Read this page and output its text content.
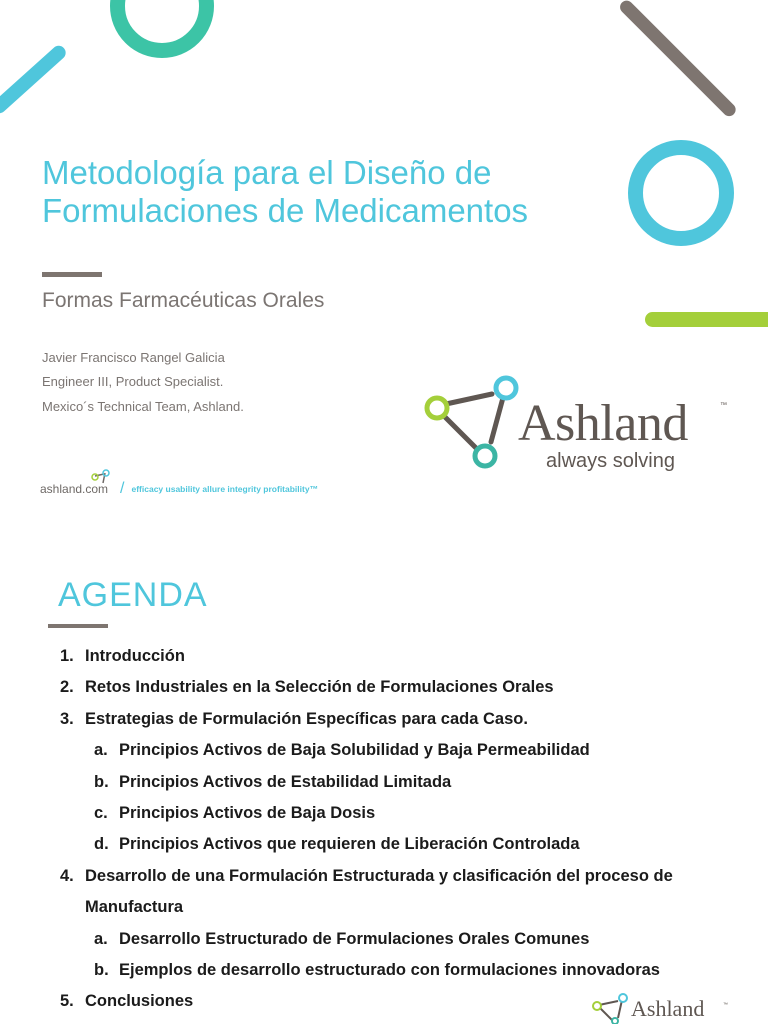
Metodología para el Diseño de
Formulaciones de Medicamentos
Formas Farmacéuticas Orales
Javier Francisco Rangel Galicia
Engineer III, Product Specialist.
Mexico´s Technical Team, Ashland.
ashland.com / efficacy usability allure integrity profitability™
Ashland	™
always solving
AGENDA
1. Introducción
2. Retos Industriales en la Selección de Formulaciones Orales
3. Estrategias de Formulación Específicas para cada Caso.
a. Principios Activos de Baja Solubilidad y Baja Permeabilidad
b. Principios Activos de Estabilidad Limitada
c. Principios Activos de Baja Dosis
d. Principios Activos que requieren de Liberación Controlada
4. Desarrollo de una Formulación Estructurada y clasificación del proceso de
Manufactura
a. Desarrollo Estructurado de Formulaciones Orales Comunes
b. Ejemplos de desarrollo estructurado con formulaciones innovadoras
5. Conclusiones	Ashland	™
